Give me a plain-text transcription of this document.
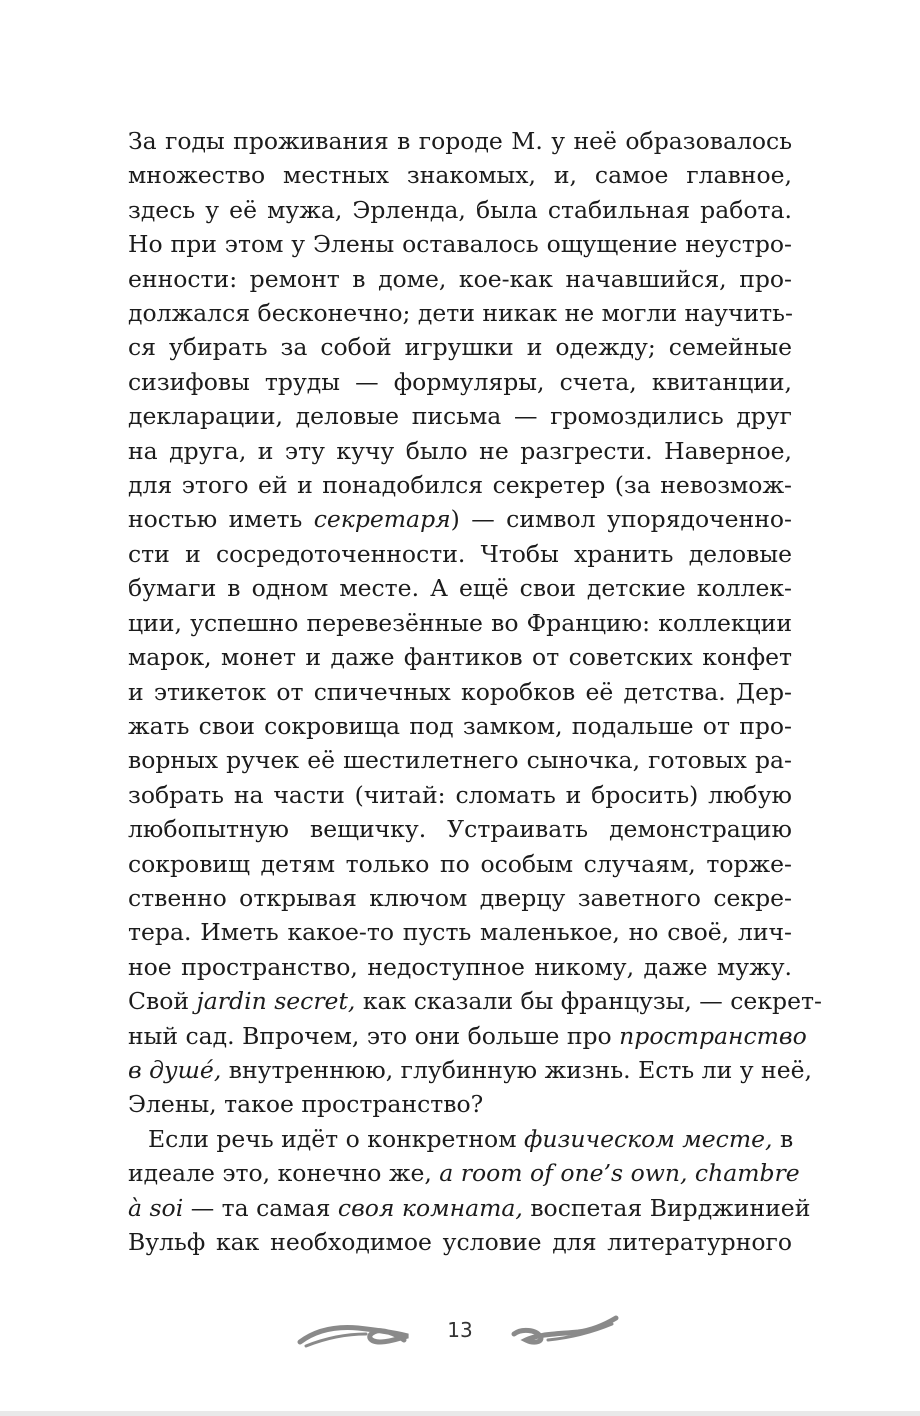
За годы проживания в городе М. у неё образовалось
множество местных знакомых, и, самое главное,
здесь у её мужа, Эрленда, была стабильная работа.
Но при этом у Элены оставалось ощущение неустро-
енности: ремонт в доме, кое-как начавшийся, про-
должался бесконечно; дети никак не могли научить-
ся убирать за собой игрушки и одежду; семейные
сизифовы труды — формуляры, счета, квитанции,
декларации, деловые письма — громоздились друг
на друга, и эту кучу было не разгрести. Наверное,
для этого ей и понадобился секретер (за невозмож-
ностью иметь секретаря) — символ упорядоченно-
сти и сосредоточенности. Чтобы хранить деловые
бумаги в одном месте. А ещё свои детские коллек-
ции, успешно перевезённые во Францию: коллекции
марок, монет и даже фантиков от советских конфет
и этикеток от спичечных коробков её детства. Дер-
жать свои сокровища под замком, подальше от про-
ворных ручек её шестилетнего сыночка, готовых ра-
зобрать на части (читай: сломать и бросить) любую
любопытную вещичку. Устраивать демонстрацию
сокровищ детям только по особым случаям, торже-
ственно открывая ключом дверцу заветного секре-
тера. Иметь какое-то пусть маленькое, но своё, лич-
ное пространство, недоступное никому, даже мужу.
Свой jardin secret, как сказали бы французы, — секрет-
ный сад. Впрочем, это они больше про пространство
в душé, внутреннюю, глубинную жизнь. Есть ли у неё,
Элены, такое пространство?

Если речь идёт о конкретном физическом месте, в
идеале это, конечно же, a room of one’s own, chambre
à soi — та самая своя комната, воспетая Вирджинией
Вульф как необходимое условие для литературного

13
